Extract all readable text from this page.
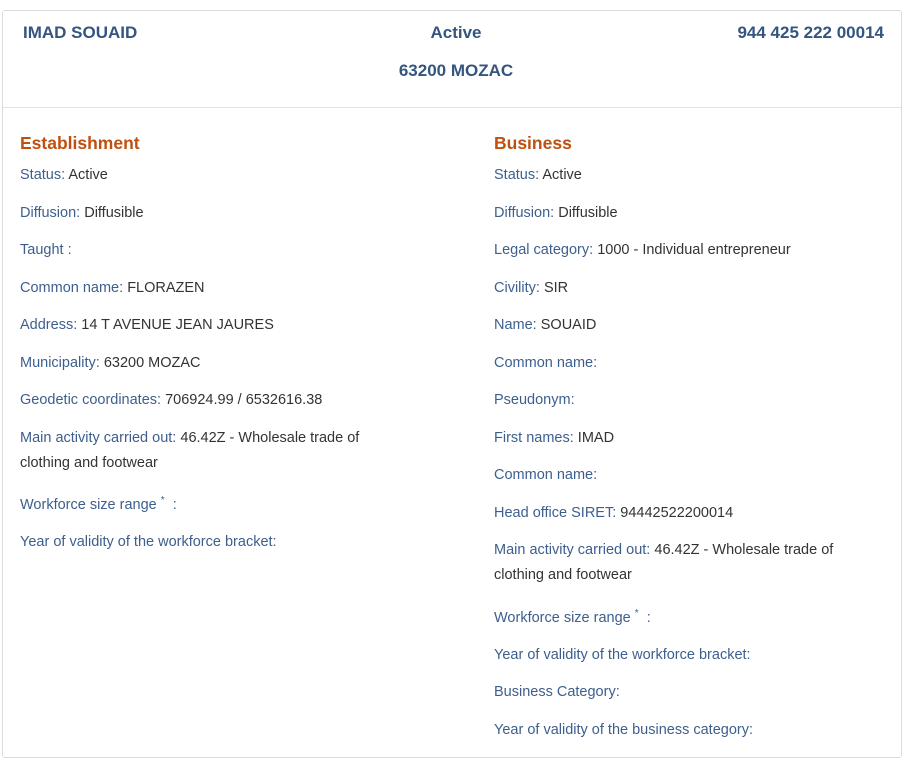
IMAD SOUAID	Active	944 425 222 00014
63200 MOZAC
Establishment
Status: Active
Diffusion: Diffusible
Taught :
Common name: FLORAZEN
Address: 14 T AVENUE JEAN JAURES
Municipality: 63200 MOZAC
Geodetic coordinates: 706924.99 / 6532616.38
Main activity carried out: 46.42Z - Wholesale trade of clothing and footwear
Workforce size range * :
Year of validity of the workforce bracket:
Business
Status: Active
Diffusion: Diffusible
Legal category: 1000 - Individual entrepreneur
Civility: SIR
Name: SOUAID
Common name:
Pseudonym:
First names: IMAD
Common name:
Head office SIRET: 94442522200014
Main activity carried out: 46.42Z - Wholesale trade of clothing and footwear
Workforce size range * :
Year of validity of the workforce bracket:
Business Category:
Year of validity of the business category:
